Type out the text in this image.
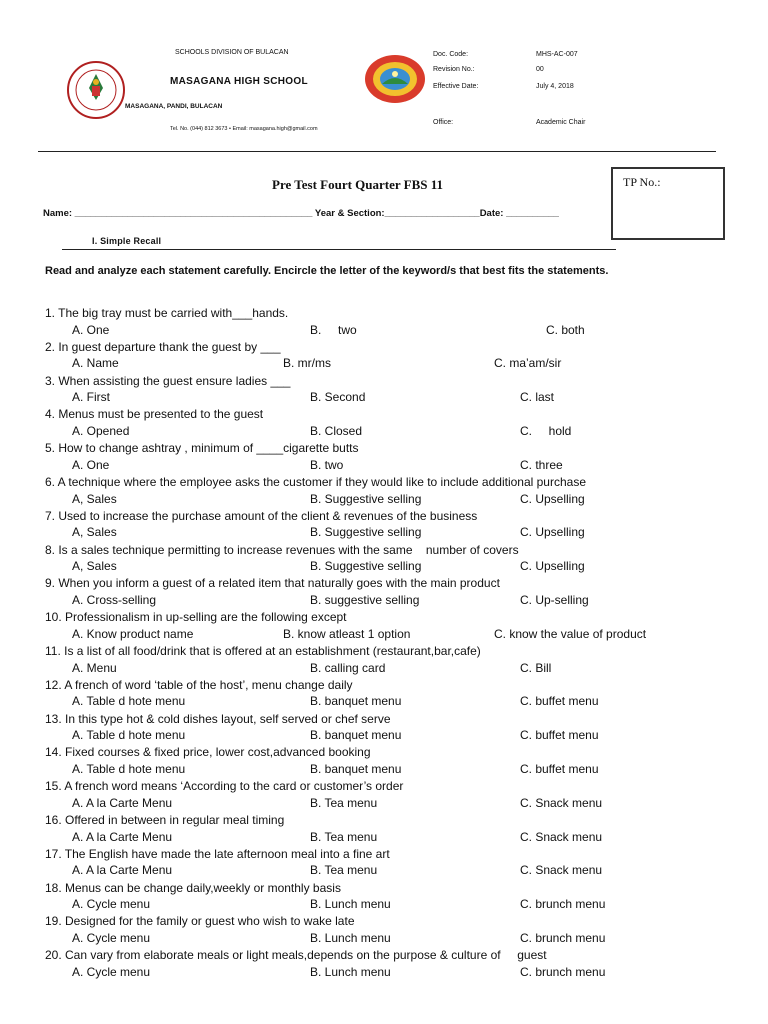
SCHOOLS DIVISION OF BULACAN
MASAGANA HIGH SCHOOL
MASAGANA, PANDI, BULACAN
Tel. No. (044) 812 3673 • Email: masagana.high@gmail.com
Doc. Code:	MHS-AC-007
Revision No.:	00
Effective Date:	July 4, 2018
Office:	Academic Chair
Pre Test Fourt Quarter FBS 11	TP No.:
Name: _____________________________________________ Year & Section:__________________Date: __________
I. Simple Recall
Read and analyze each statement carefully. Encircle the letter of the keyword/s that best fits the statements.
1. The big tray must be carried with___hands.
A. One	B.     two	C. both
2. In guest departure thank the guest by ___
A. Name	B. mr/ms	C. ma’am/sir
3. When assisting the guest ensure ladies ___
A. First	B. Second	C. last
4. Menus must be presented to the guest
A. Opened	B. Closed	C.     hold
5. How to change ashtray , minimum of ____cigarette butts
A. One	B. two	C. three
6. A technique where the employee asks the customer if they would like to include additional purchase
A, Sales	B. Suggestive selling	C. Upselling
7. Used to increase the purchase amount of the client & revenues of the business
A, Sales	B. Suggestive selling	C. Upselling
8. Is a sales technique permitting to increase revenues with the same    number of covers
A, Sales	B. Suggestive selling	C. Upselling
9. When you inform a guest of a related item that naturally goes with the main product
A. Cross-selling	B. suggestive selling	C. Up-selling
10. Professionalism in up-selling are the following except
A. Know product name	B. know atleast 1 option	C. know the value of product
11. Is a list of all food/drink that is offered at an establishment (restaurant,bar,cafe)
A. Menu	B. calling card	C. Bill
12. A french of word ‘table of the host’, menu change daily
A. Table d hote menu	B. banquet menu	C. buffet menu
13. In this type hot & cold dishes layout, self served or chef serve
A. Table d hote menu	B. banquet menu	C. buffet menu
14. Fixed courses & fixed price, lower cost,advanced booking
A. Table d hote menu	B. banquet menu	C. buffet menu
15. A french word means ‘According to the card or customer’s order
A. A la Carte Menu	B. Tea menu	C. Snack menu
16. Offered in between in regular meal timing
A. A la Carte Menu	B. Tea menu	C. Snack menu
17. The English have made the late afternoon meal into a fine art
A. A la Carte Menu	B. Tea menu	C. Snack menu
18. Menus can be change daily,weekly or monthly basis
A. Cycle menu	B. Lunch menu	C. brunch menu
19. Designed for the family or guest who wish to wake late
A. Cycle menu	B. Lunch menu	C. brunch menu
20. Can vary from elaborate meals or light meals,depends on the purpose & culture of     guest
A. Cycle menu	B. Lunch menu	C. brunch menu
